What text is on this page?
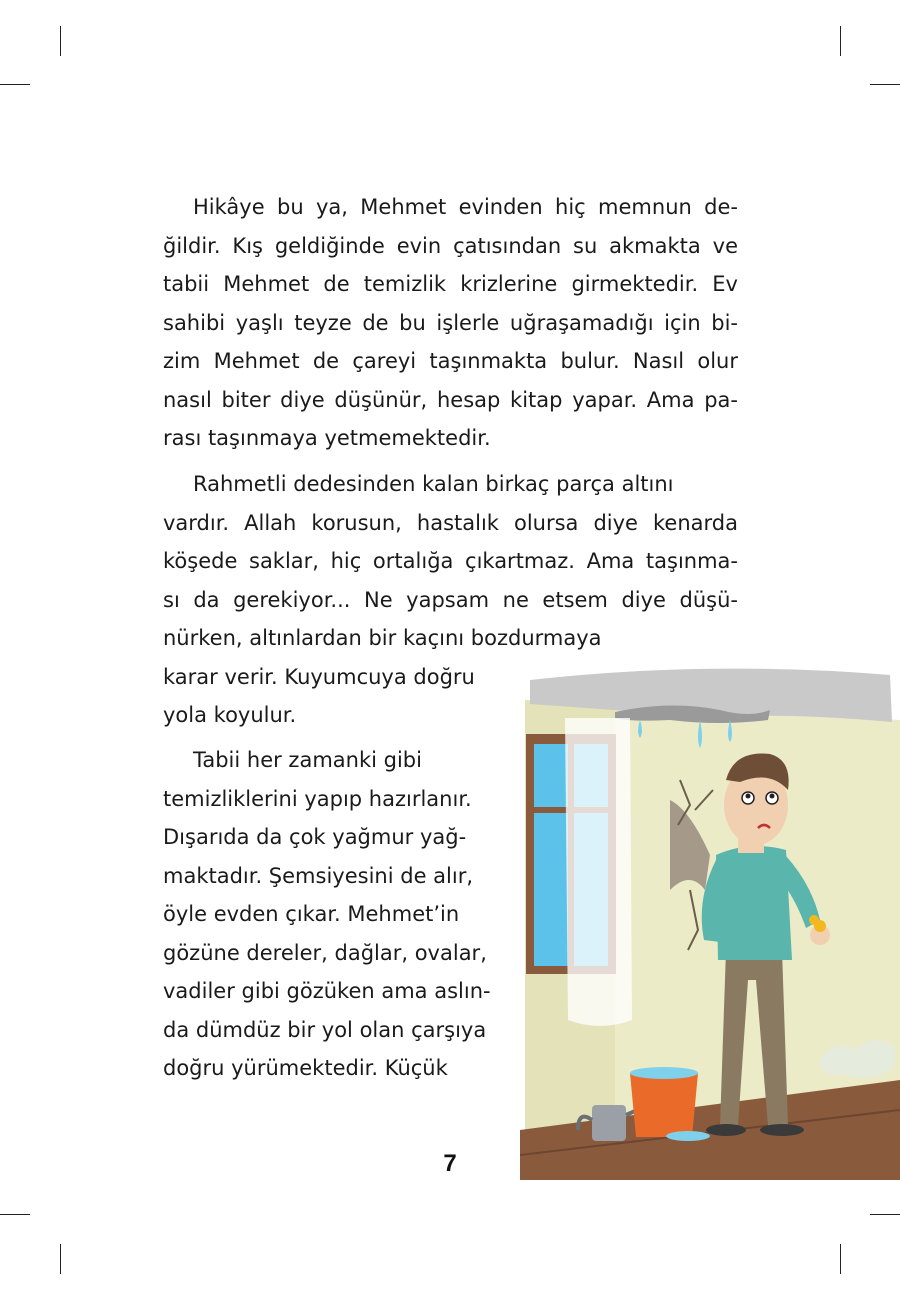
Hikâye bu ya, Mehmet evinden hiç memnun de-
ğildir. Kış geldiğinde evin çatısından su akmakta ve
tabii Mehmet de temizlik krizlerine girmektedir. Ev
sahibi yaşlı teyze de bu işlerle uğraşamadığı için bi-
zim Mehmet de çareyi taşınmakta bulur. Nasıl olur
nasıl biter diye düşünür, hesap kitap yapar. Ama pa-
rası taşınmaya yetmemektedir.
Rahmetli dedesinden kalan birkaç parça altını
vardır. Allah korusun, hastalık olursa diye kenarda
köşede saklar, hiç ortalığa çıkartmaz. Ama taşınma-
sı da gerekiyor... Ne yapsam ne etsem diye düşü-
nürken, altınlardan bir kaçını bozdurmaya
karar verir. Kuyumcuya doğru
yola koyulur.
Tabii her zamanki gibi
temizliklerini yapıp hazırlanır.
Dışarıda da çok yağmur yağ-
maktadır. Şemsiyesini de alır,
öyle evden çıkar. Mehmet’in
gözüne dereler, dağlar, ovalar,
vadiler gibi gözüken ama aslın-
da dümdüz bir yol olan çarşıya
doğru yürümektedir. Küçük
7
